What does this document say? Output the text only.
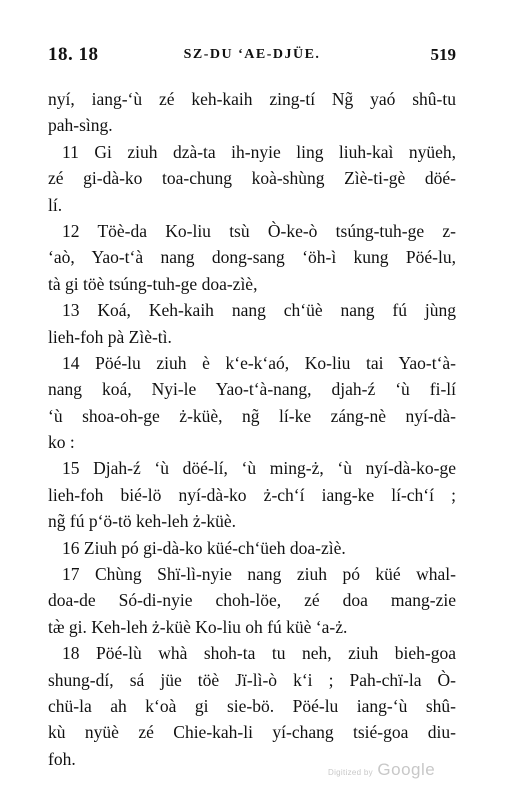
18. 18	SZ-DU ‘AE-DJÜE.	519
nyí, iang-‘ù zé keh-kaih zing-tí Ng̃ yaó shû-tu
pah-sìng.
11 Gi ziuh dzà-ta ih-nyie ling liuh-kaì nyüeh,
zé gi-dà-ko toa-chung koà-shùng Zìè-ti-gè döé-
lí.
12 Töè-da Ko-liu tsù Ò-ke-ò tsúng-tuh-ge z-
‘aò, Yao-t‘à nang dong-sang ‘öh-ì kung Pöé-lu,
tà gi töè tsúng-tuh-ge doa-zìè,
13 Koá, Keh-kaih nang ch‘üè nang fú jùng
lieh-foh pà Zìè-tì.
14 Pöé-lu ziuh è k‘e-k‘aó, Ko-liu tai Yao-t‘à-
nang koá, Nyi-le Yao-t‘à-nang, djah-ź ‘ù fi-lí
‘ù shoa-oh-ge ż-küè, ng̃ lí-ke záng-nè nyí-dà-
ko :
15 Djah-ź ‘ù döé-lí, ‘ù ming-ż, ‘ù nyí-dà-ko-ge
lieh-foh bié-lö nyí-dà-ko ż-ch‘í iang-ke lí-ch‘í ;
ng̃ fú p‘ö-tö keh-leh ż-küè.
16 Ziuh pó gi-dà-ko küé-ch‘üeh doa-zìè.
17 Chùng Shï-lì-nyie nang ziuh pó küé whal-
doa-de Só-di-nyie choh-löe, zé doa mang-zie
tæ̀ gi. Keh-leh ż-küè Ko-liu oh fú küè ‘a-ż.
18 Pöé-lù whà shoh-ta tu neh, ziuh bieh-goa
shung-dí, sá jüe töè Jï-lì-ò k‘i ; Pah-chï-la Ò-
chü-la ah k‘oà gi sie-bö. Pöé-lu iang-‘ù shû-
kù nyüè zé Chie-kah-li yí-chang tsié-goa diu-
foh.
Digitized by Google
